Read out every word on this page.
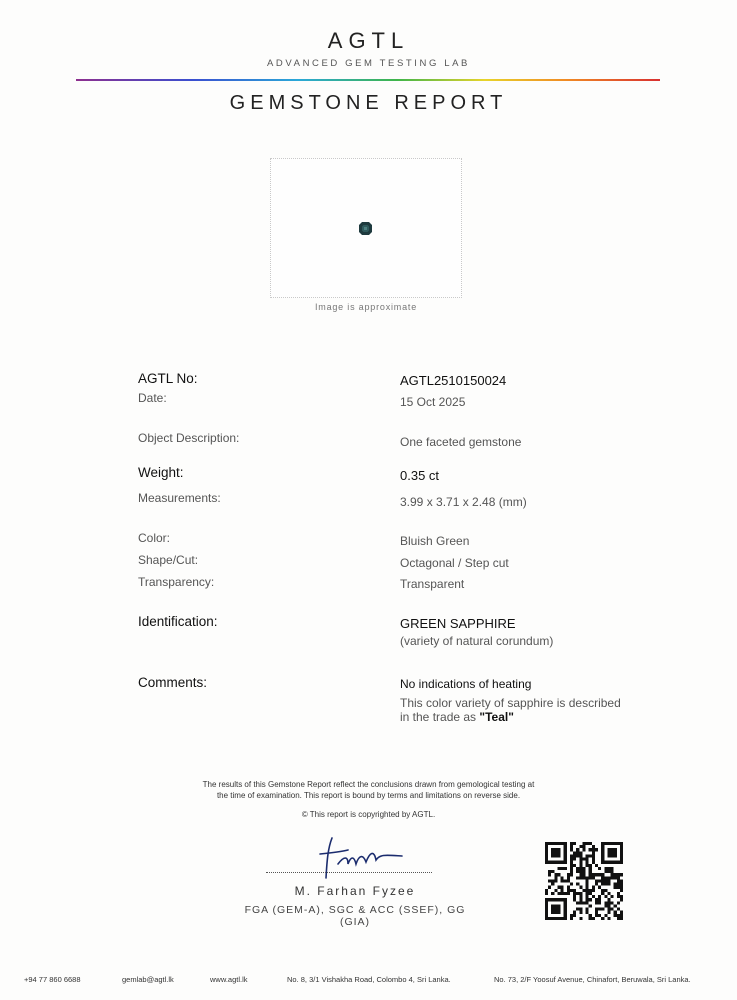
AGTL
ADVANCED GEM TESTING LAB
GEMSTONE REPORT
Image is approximate
AGTL No:	AGTL2510150024
Date:	15 Oct 2025
Object Description:	One faceted gemstone
Weight:	0.35 ct
Measurements:	3.99 x 3.71 x 2.48 (mm)
Color:	Bluish Green
Shape/Cut:	Octagonal / Step cut
Transparency:	Transparent
Identification:	GREEN SAPPHIRE
(variety of natural corundum)
Comments:	No indications of heating
This color variety of sapphire is described
in the trade as "Teal"
The results of this Gemstone Report reflect the conclusions drawn from gemological testing at
the time of examination. This report is bound by terms and limitations on reverse side.
© This report is copyrighted by AGTL.
M. Farhan Fyzee
FGA (GEM-A), SGC & ACC (SSEF), GG (GIA)
+94 77 860 6688	gemlab@agtl.lk	www.agtl.lk	No. 8, 3/1 Vishakha Road, Colombo 4, Sri Lanka.	No. 73, 2/F Yoosuf Avenue, Chinafort, Beruwala, Sri Lanka.
